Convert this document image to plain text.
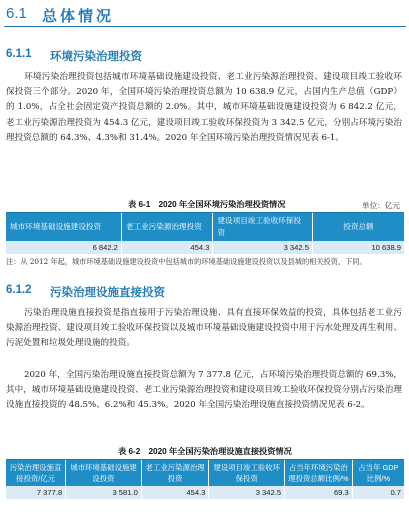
6.1 总体情况
6.1.1 环境污染治理投资
环境污染治理投资包括城市环境基础设施建设投资、老工业污染源治理投资、建设项目竣工验收环保投资三个部分。2020 年，全国环境污染治理投资总额为 10 638.9 亿元，占国内生产总值（GDP）的 1.0%，占全社会固定资产投资总额的 2.0%。其中，城市环境基础设施建设投资为 6 842.2 亿元，老工业污染源治理投资为 454.3 亿元，建设项目竣工验收环保投资为 3 342.5 亿元，分别占环境污染治理投资总额的 64.3%、4.3%和 31.4%。2020 年全国环境污染治理投资情况见表 6-1。
表 6-1　2020 年全国环境污染治理投资情况	单位：亿元
城市环境基础设施建设投资	老工业污染源治理投资	建设项目竣工验收环保投资	投资总额
6 842.2	454.3	3 342.5	10 638.9
注：从 2012 年起，城市环境基础设施建设投资中包括城市的环境基础设施建设投资以及县城的相关投资，下同。
6.1.2 污染治理设施直接投资
污染治理设施直接投资是指直接用于污染治理设施、具有直接环保效益的投资，具体包括老工业污染源治理投资、建设项目竣工验收环保投资以及城市环境基础设施建设投资中用于污水处理及再生利用、污泥处置和垃圾处理设施的投资。
2020 年，全国污染治理设施直接投资总额为 7 377.8 亿元，占环境污染治理投资总额的 69.3%，其中，城市环境基础设施建设投资、老工业污染源治理投资和建设项目竣工验收环保投资分别占污染治理设施直接投资的 48.5%、6.2%和 45.3%。2020 年全国污染治理设施直接投资情况见表 6-2。
表 6-2　2020 年全国污染治理设施直接投资情况
污染治理设施直接投资/亿元	城市环境基础设施建设投资	老工业污染源治理投资	建设项目竣工验收环保投资	占当年环境污染治理投资总额比例/%	占当年 GDP 比例/%
7 377.8	3 581.0	454.3	3 342.5	69.3	0.7
